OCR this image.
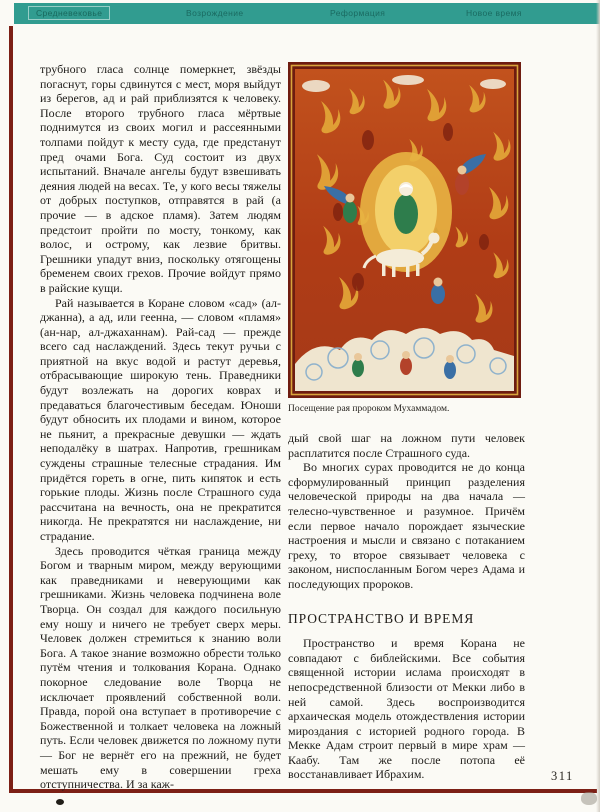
Средневековье	Возрождение	Реформация	Новое время

трубного гласа солнце померкнет, звёзды погаснут, горы сдвинутся с мест, моря выйдут из берегов, ад и рай приблизятся к человеку. После второго трубного гласа мёртвые поднимутся из своих могил и рассеянными толпами пойдут к месту суда, где предстанут пред очами Бога. Суд состоит из двух испытаний. Вначале ангелы будут взвешивать деяния людей на весах. Те, у кого весы тяжелы от добрых поступков, отправятся в рай (а прочие — в адское пламя). Затем людям предстоит пройти по мосту, тонкому, как волос, и острому, как лезвие бритвы. Грешники упадут вниз, поскольку отягощены бременем своих грехов. Прочие войдут прямо в райские кущи.

Рай называется в Коране словом «сад» (ал-джанна), а ад, или геенна, — словом «пламя» (ан-нар, ал-джаханнам). Рай-сад — прежде всего сад наслаждений. Здесь текут ручьи с приятной на вкус водой и растут деревья, отбрасывающие широкую тень. Праведники будут возлежать на дорогих коврах и предаваться благочестивым беседам. Юноши будут обносить их плодами и вином, которое не пьянит, а прекрасные девушки — ждать неподалёку в шатрах. Напротив, грешникам суждены страшные телесные страдания. Им придётся гореть в огне, пить кипяток и есть горькие плоды. Жизнь после Страшного суда рассчитана на вечность, она не прекратится никогда. Не прекратятся ни наслаждение, ни страдание.

Здесь проводится чёткая граница между Богом и тварным миром, между верующими как праведниками и неверующими как грешниками. Жизнь человека подчинена воле Творца. Он создал для каждого посильную ему ношу и ничего не требует сверх меры. Человек должен стремиться к знанию воли Бога. А такое знание возможно обрести только путём чтения и толкования Корана. Однако покорное следование воле Творца не исключает проявлений собственной воли. Правда, порой она вступает в противоречие с Божественной и толкает человека на ложный путь. Если человек движется по ложному пути — Бог не вернёт его на прежний, не будет мешать ему в совершении греха отступничества. И за каж-

Посещение рая пророком Мухаммадом.

дый свой шаг на ложном пути человек расплатится после Страшного суда.

Во многих сурах проводится не до конца сформулированный принцип разделения человеческой природы на два начала — телесно-чувственное и разумное. Причём если первое начало порождает языческие настроения и мысли и связано с потаканием греху, то второе связывает человека с законом, ниспосланным Богом через Адама и последующих пророков.

ПРОСТРАНСТВО И ВРЕМЯ

Пространство и время Корана не совпадают с библейскими. Все события священной истории ислама происходят в непосредственной близости от Мекки либо в ней самой. Здесь воспроизводится архаическая модель отождествления истории мироздания с историей родного города. В Мекке Адам строит первый в мире храм — Каабу. Там же после потопа её восстанавливает Ибрахим.	311
